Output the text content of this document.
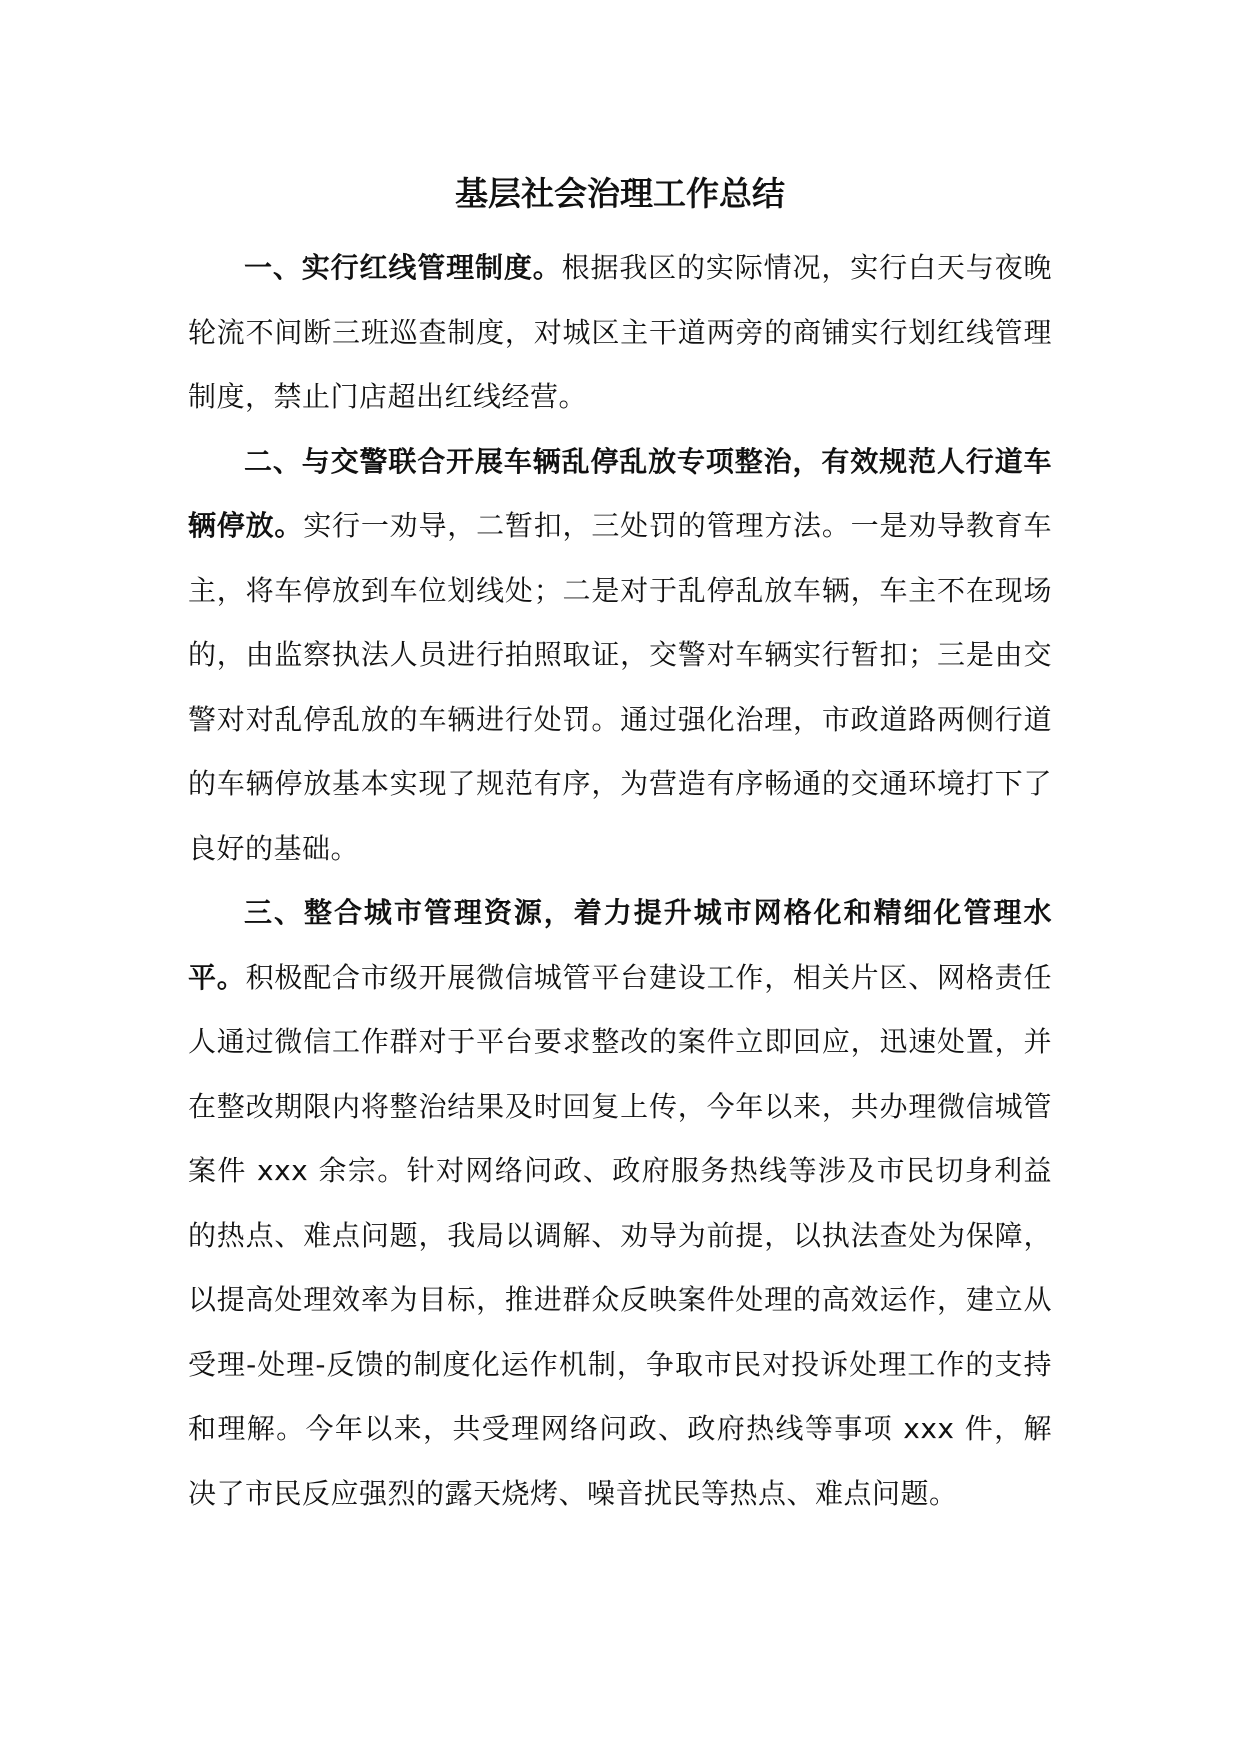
基层社会治理工作总结

一、实行红线管理制度。根据我区的实际情况，实行白天与夜晚轮流不间断三班巡查制度，对城区主干道两旁的商铺实行划红线管理制度，禁止门店超出红线经营。

二、与交警联合开展车辆乱停乱放专项整治，有效规范人行道车辆停放。实行一劝导，二暂扣，三处罚的管理方法。一是劝导教育车主，将车停放到车位划线处；二是对于乱停乱放车辆，车主不在现场的，由监察执法人员进行拍照取证，交警对车辆实行暂扣；三是由交警对对乱停乱放的车辆进行处罚。通过强化治理，市政道路两侧行道的车辆停放基本实现了规范有序，为营造有序畅通的交通环境打下了良好的基础。

三、整合城市管理资源，着力提升城市网格化和精细化管理水平。积极配合市级开展微信城管平台建设工作，相关片区、网格责任人通过微信工作群对于平台要求整改的案件立即回应，迅速处置，并在整改期限内将整治结果及时回复上传，今年以来，共办理微信城管案件 xxx 余宗。针对网络问政、政府服务热线等涉及市民切身利益的热点、难点问题，我局以调解、劝导为前提，以执法查处为保障，以提高处理效率为目标，推进群众反映案件处理的高效运作，建立从受理-处理-反馈的制度化运作机制，争取市民对投诉处理工作的支持和理解。今年以来，共受理网络问政、政府热线等事项 xxx 件，解决了市民反应强烈的露天烧烤、噪音扰民等热点、难点问题。
